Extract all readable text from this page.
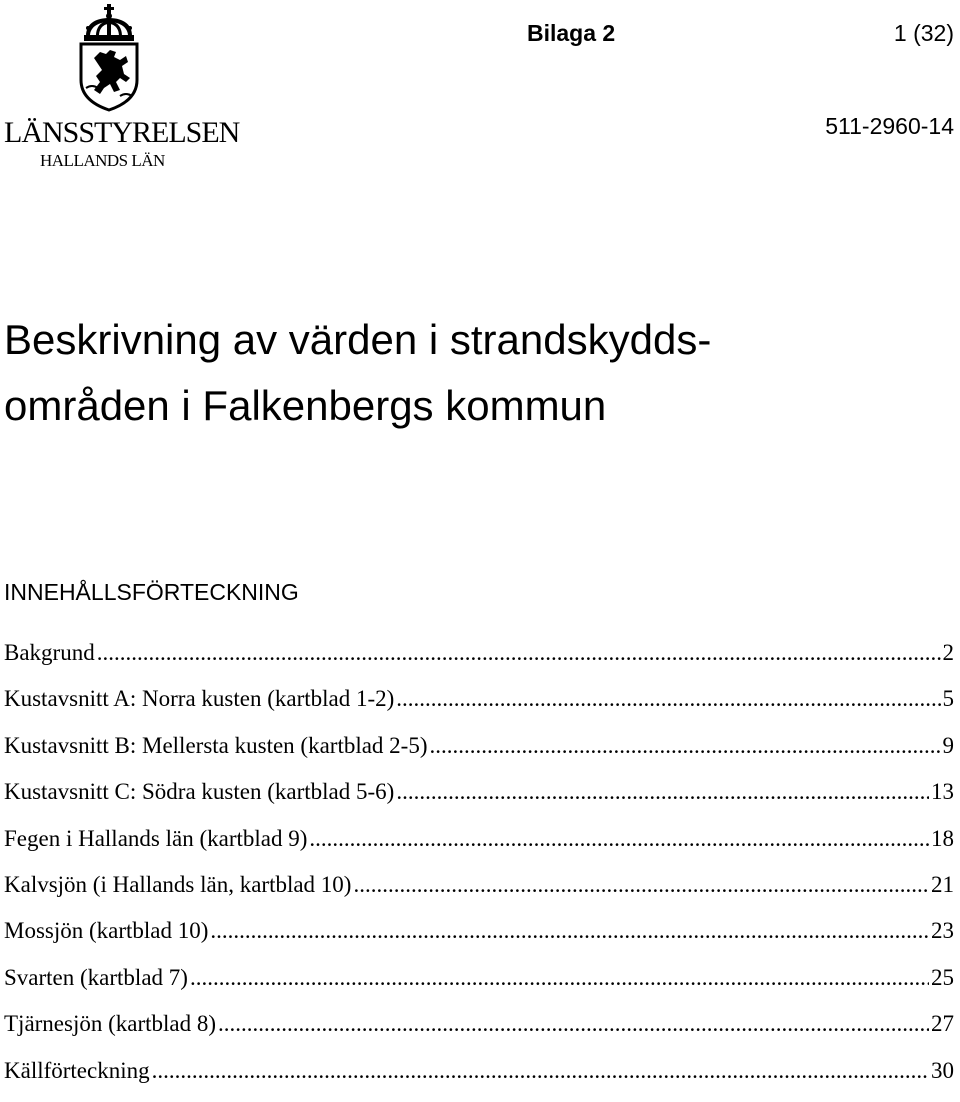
LÄNSSTYRELSEN
HALLANDS LÄN
Bilaga 2	1 (32)
511-2960-14
Beskrivning av värden i strandskydds-
områden i Falkenbergs kommun
INNEHÅLLSFÖRTECKNING
Bakgrund .....	2
Kustavsnitt A: Norra kusten (kartblad 1-2) .....	5
Kustavsnitt B: Mellersta kusten (kartblad 2-5) .....	9
Kustavsnitt C: Södra kusten (kartblad 5-6) .....	13
Fegen i Hallands län (kartblad 9) .....	18
Kalvsjön (i Hallands län, kartblad 10) .....	21
Mossjön (kartblad 10) .....	23
Svarten (kartblad 7) .....	25
Tjärnesjön (kartblad 8) .....	27
Källförteckning .....	30
